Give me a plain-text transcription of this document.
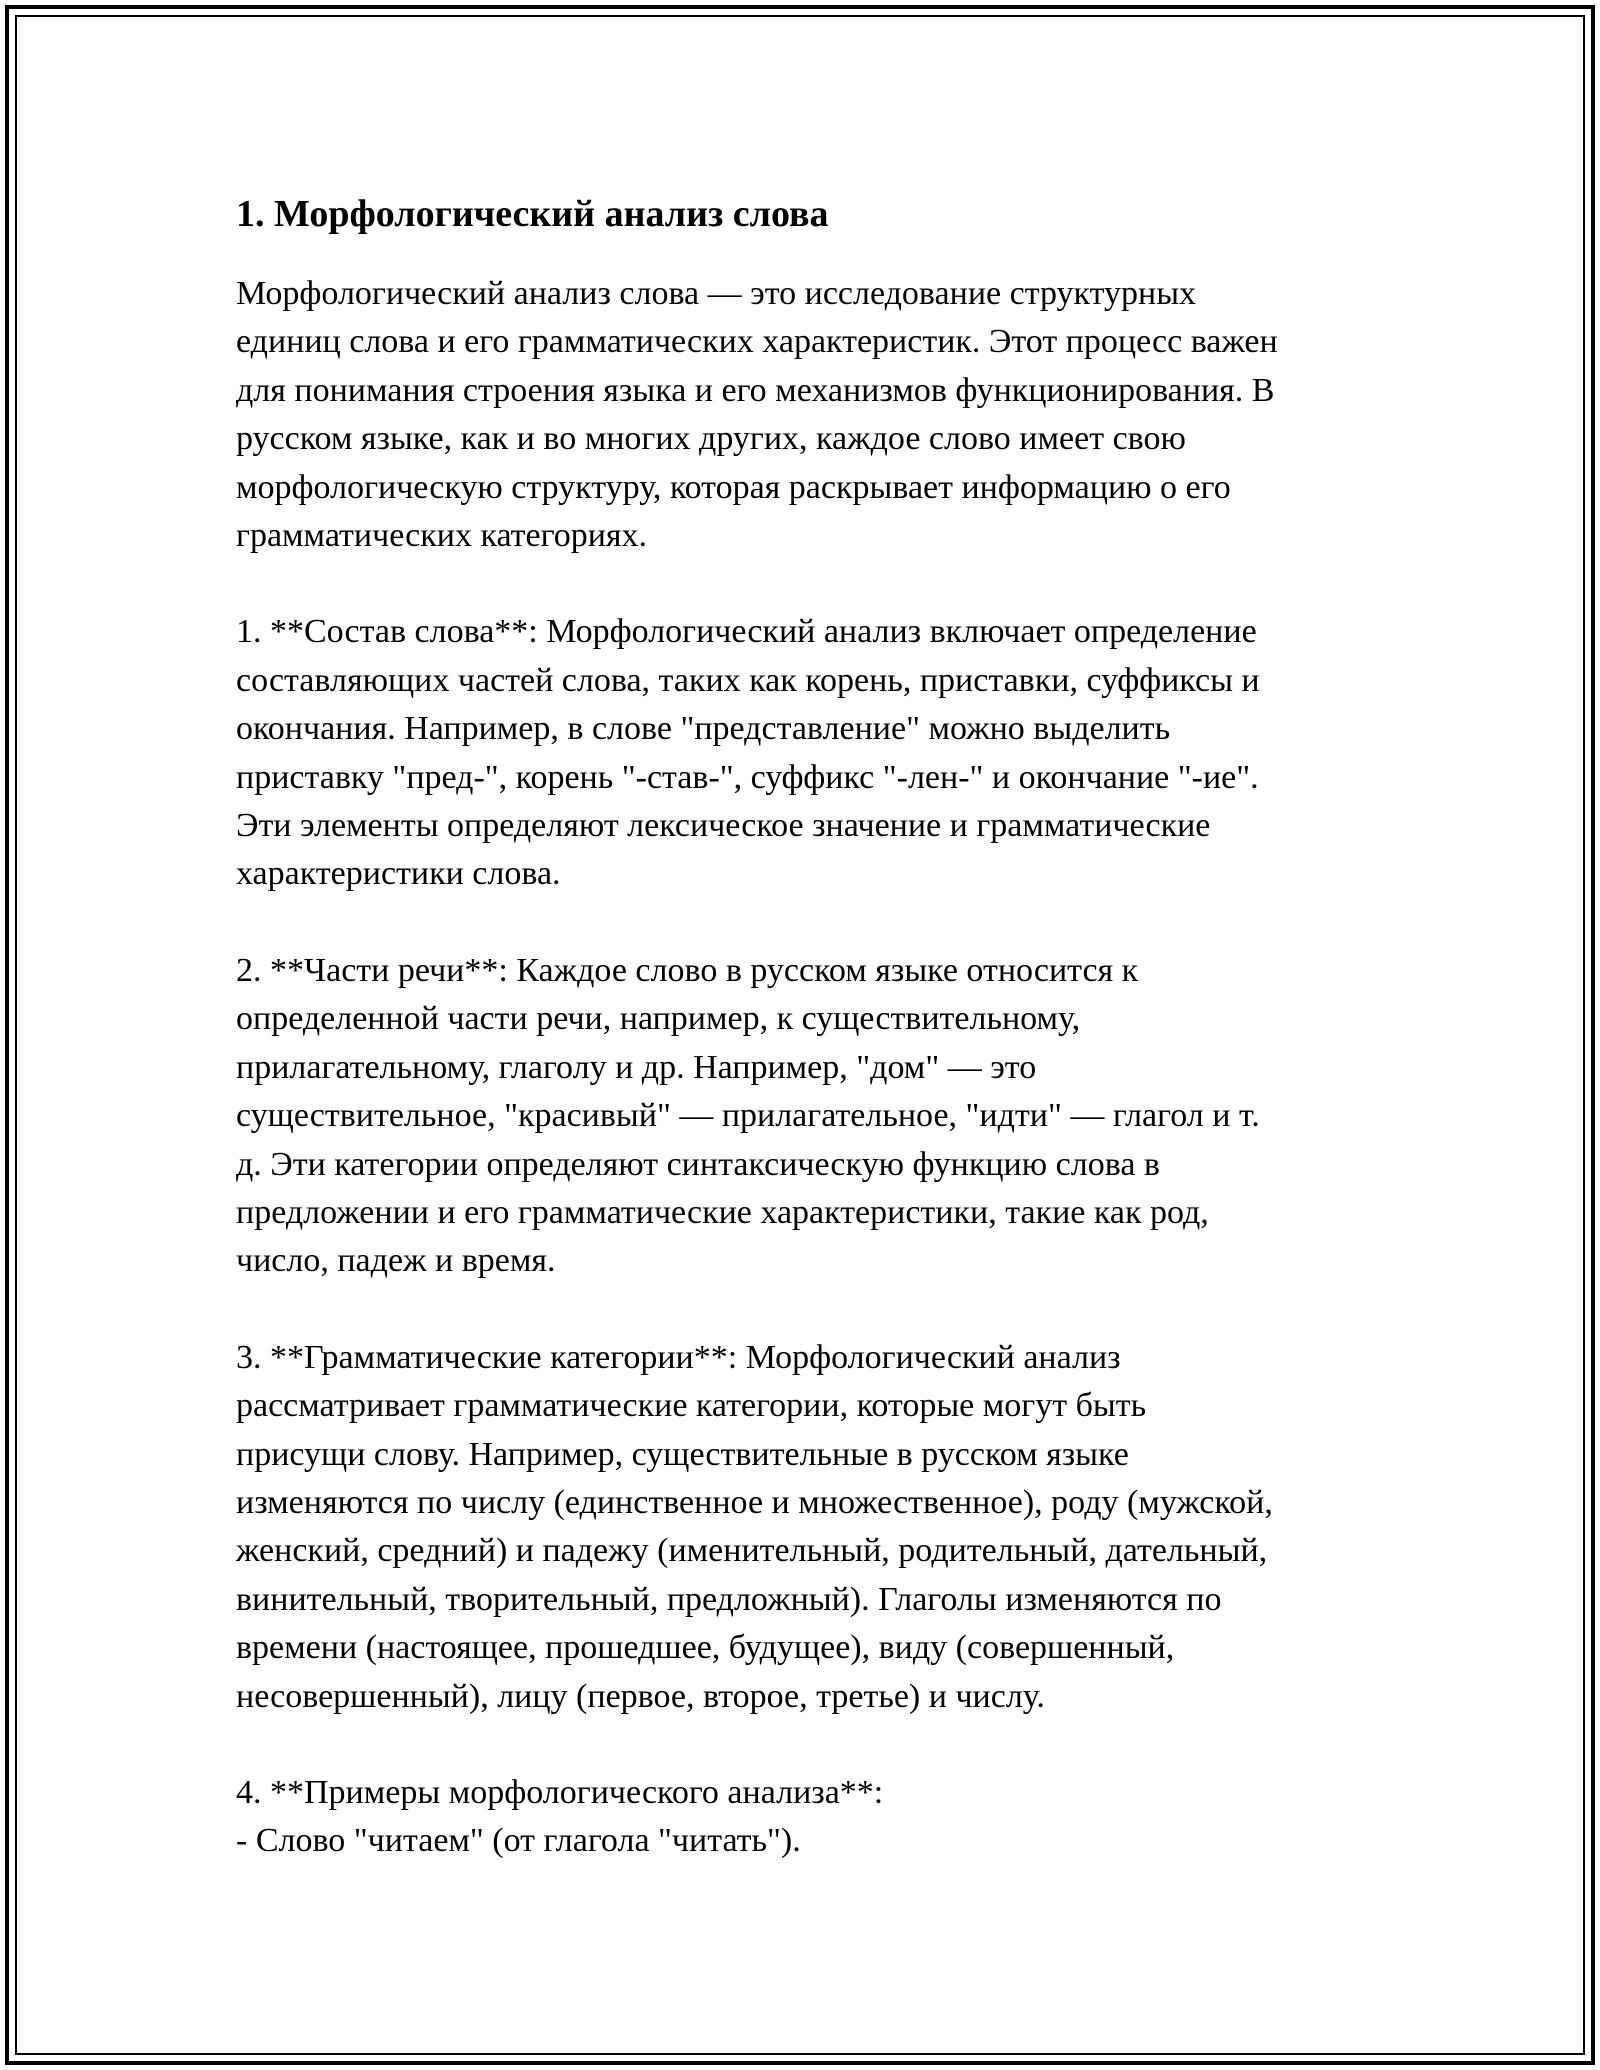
1. Морфологический анализ слова

Морфологический анализ слова — это исследование структурных
единиц слова и его грамматических характеристик. Этот процесс важен
для понимания строения языка и его механизмов функционирования. В
русском языке, как и во многих других, каждое слово имеет свою
морфологическую структуру, которая раскрывает информацию о его
грамматических категориях.

1. **Состав слова**: Морфологический анализ включает определение
составляющих частей слова, таких как корень, приставки, суффиксы и
окончания. Например, в слове "представление" можно выделить
приставку "пред-", корень "-став-", суффикс "-лен-" и окончание "-ие".
Эти элементы определяют лексическое значение и грамматические
характеристики слова.

2. **Части речи**: Каждое слово в русском языке относится к
определенной части речи, например, к существительному,
прилагательному, глаголу и др. Например, "дом" — это
существительное, "красивый" — прилагательное, "идти" — глагол и т.
д. Эти категории определяют синтаксическую функцию слова в
предложении и его грамматические характеристики, такие как род,
число, падеж и время.

3. **Грамматические категории**: Морфологический анализ
рассматривает грамматические категории, которые могут быть
присущи слову. Например, существительные в русском языке
изменяются по числу (единственное и множественное), роду (мужской,
женский, средний) и падежу (именительный, родительный, дательный,
винительный, творительный, предложный). Глаголы изменяются по
времени (настоящее, прошедшее, будущее), виду (совершенный,
несовершенный), лицу (первое, второе, третье) и числу.

4. **Примеры морфологического анализа**:
- Слово "читаем" (от глагола "читать").
